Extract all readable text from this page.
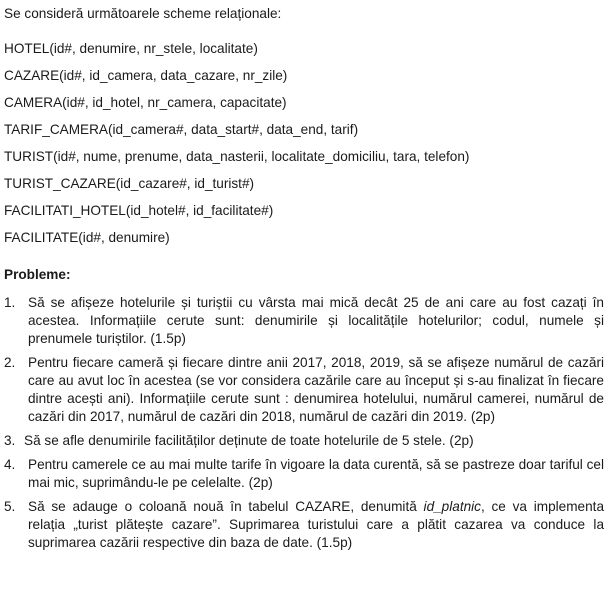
Se consideră următoarele scheme relaționale:
HOTEL(id#, denumire, nr_stele, localitate)
CAZARE(id#, id_camera, data_cazare, nr_zile)
CAMERA(id#, id_hotel, nr_camera, capacitate)
TARIF_CAMERA(id_camera#, data_start#, data_end, tarif)
TURIST(id#, nume, prenume, data_nasterii, localitate_domiciliu, tara, telefon)
TURIST_CAZARE(id_cazare#, id_turist#)
FACILITATI_HOTEL(id_hotel#, id_facilitate#)
FACILITATE(id#, denumire)
Probleme:
1. Să se afișeze hotelurile și turiștii cu vârsta mai mică decât 25 de ani care au fost cazați în acestea. Informațiile cerute sunt: denumirile și localitățile hotelurilor; codul, numele și prenumele turiștilor. (1.5p)
2. Pentru fiecare cameră și fiecare dintre anii 2017, 2018, 2019, să se afișeze numărul de cazări care au avut loc în acestea (se vor considera cazările care au început și s-au finalizat în fiecare dintre acești ani). Informațiile cerute sunt : denumirea hotelului, numărul camerei, numărul de cazări din 2017, numărul de cazări din 2018, numărul de cazări din 2019. (2p)
3. Să se afle denumirile facilităților deținute de toate hotelurile de 5 stele. (2p)
4. Pentru camerele ce au mai multe tarife în vigoare la data curentă, să se pastreze doar tariful cel mai mic, suprimându-le pe celelalte. (2p)
5. Să se adauge o coloană nouă în tabelul CAZARE, denumită id_platnic, ce va implementa relația „turist plătește cazare”. Suprimarea turistului care a plătit cazarea va conduce la suprimarea cazării respective din baza de date. (1.5p)
